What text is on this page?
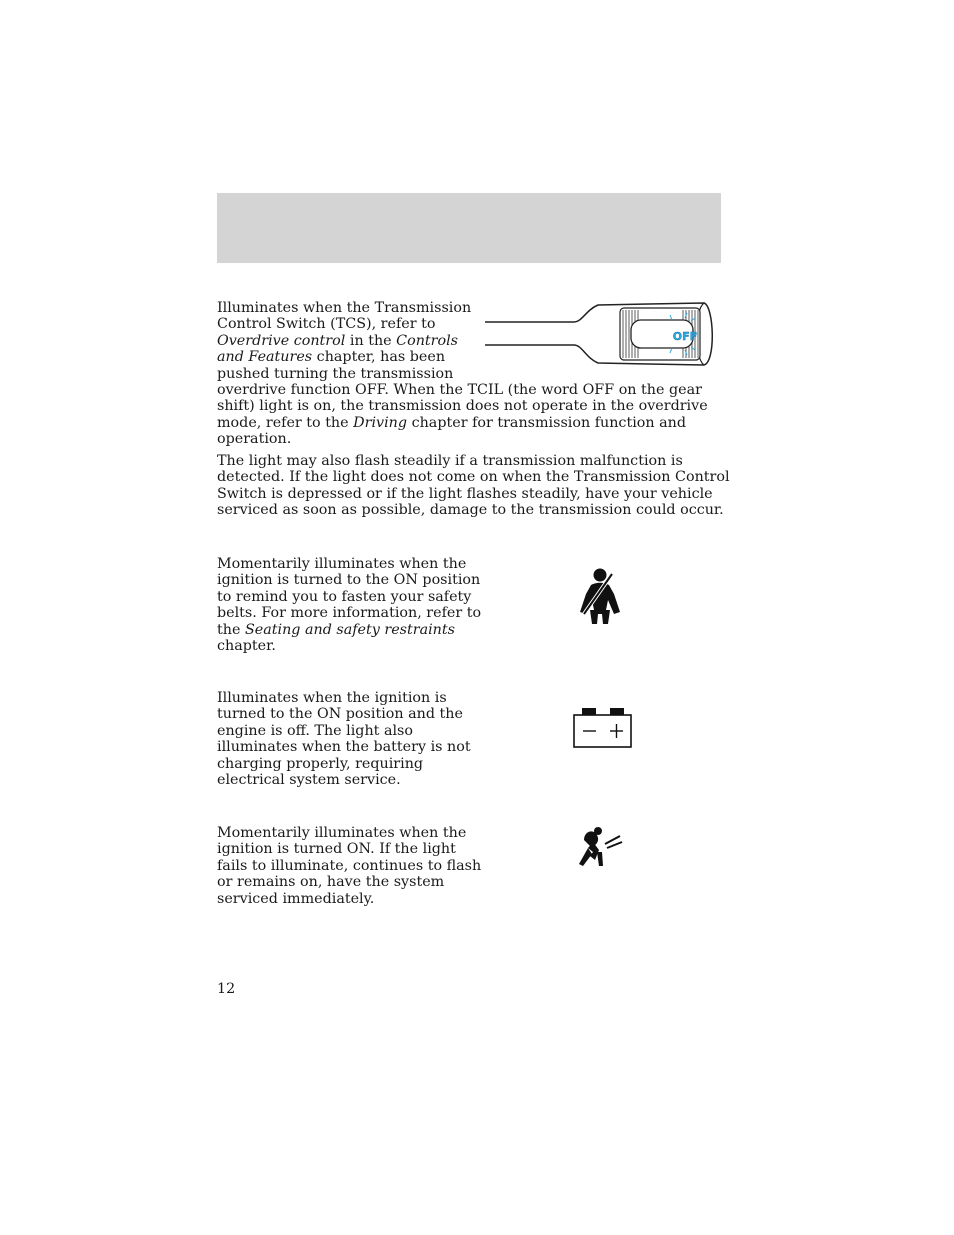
Illuminates when the Transmission
Control Switch (TCS), refer to
Overdrive control in the Controls
and Features chapter, has been
pushed turning the transmission
overdrive function OFF. When the TCIL (the word OFF on the gear
shift) light is on, the transmission does not operate in the overdrive
mode, refer to the Driving chapter for transmission function and
operation.
The light may also flash steadily if a transmission malfunction is
detected. If the light does not come on when the Transmission Control
Switch is depressed or if the light flashes steadily, have your vehicle
serviced as soon as possible, damage to the transmission could occur.
OFF
Momentarily illuminates when the
ignition is turned to the ON position
to remind you to fasten your safety
belts. For more information, refer to
the Seating and safety restraints
chapter.
Illuminates when the ignition is
turned to the ON position and the
engine is off. The light also
illuminates when the battery is not
charging properly, requiring
electrical system service.
Momentarily illuminates when the
ignition is turned ON. If the light
fails to illuminate, continues to flash
or remains on, have the system
serviced immediately.
12
